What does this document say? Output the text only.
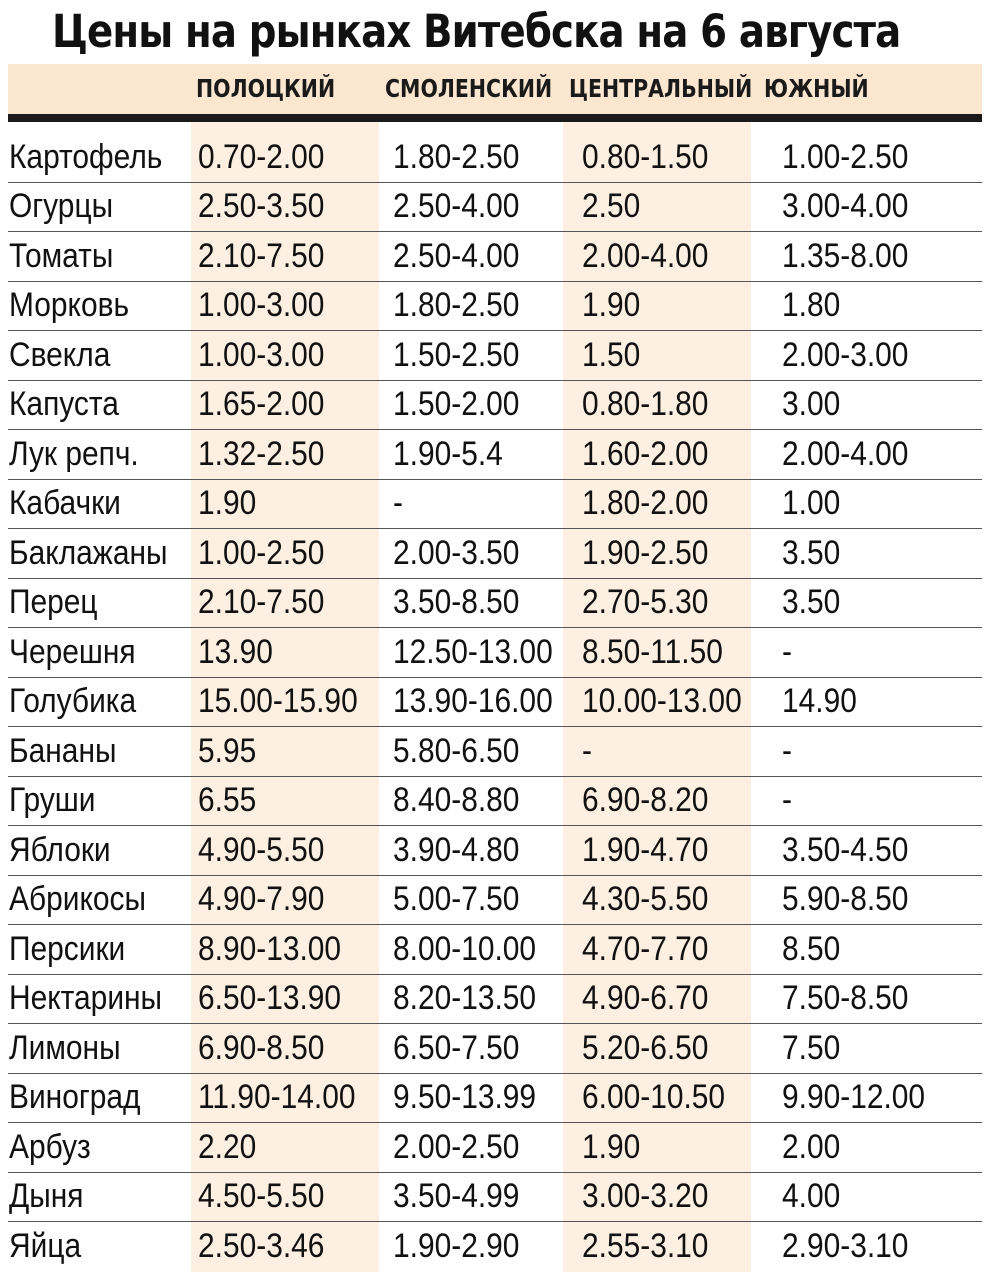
Цены на рынках Витебска на 6 августа
ПОЛОЦКИЙ СМОЛЕНСКИЙ ЦЕНТРАЛЬНЫЙ ЮЖНЫЙ
Картофель	0.70-2.00	1.80-2.50	0.80-1.50	1.00-2.50
Огурцы	2.50-3.50	2.50-4.00	2.50	3.00-4.00
Томаты	2.10-7.50	2.50-4.00	2.00-4.00	1.35-8.00
Морковь	1.00-3.00	1.80-2.50	1.90	1.80
Свекла	1.00-3.00	1.50-2.50	1.50	2.00-3.00
Капуста	1.65-2.00	1.50-2.00	0.80-1.80	3.00
Лук репч.	1.32-2.50	1.90-5.4	1.60-2.00	2.00-4.00
Кабачки	1.90	-	1.80-2.00	1.00
Баклажаны	1.00-2.50	2.00-3.50	1.90-2.50	3.50
Перец	2.10-7.50	3.50-8.50	2.70-5.30	3.50
Черешня	13.90	12.50-13.00	8.50-11.50	-
Голубика	15.00-15.90	13.90-16.00	10.00-13.00	14.90
Бананы	5.95	5.80-6.50	-	-
Груши	6.55	8.40-8.80	6.90-8.20	-
Яблоки	4.90-5.50	3.90-4.80	1.90-4.70	3.50-4.50
Абрикосы	4.90-7.90	5.00-7.50	4.30-5.50	5.90-8.50
Персики	8.90-13.00	8.00-10.00	4.70-7.70	8.50
Нектарины	6.50-13.90	8.20-13.50	4.90-6.70	7.50-8.50
Лимоны	6.90-8.50	6.50-7.50	5.20-6.50	7.50
Виноград	11.90-14.00	9.50-13.99	6.00-10.50	9.90-12.00
Арбуз	2.20	2.00-2.50	1.90	2.00
Дыня	4.50-5.50	3.50-4.99	3.00-3.20	4.00
Яйца	2.50-3.46	1.90-2.90	2.55-3.10	2.90-3.10
